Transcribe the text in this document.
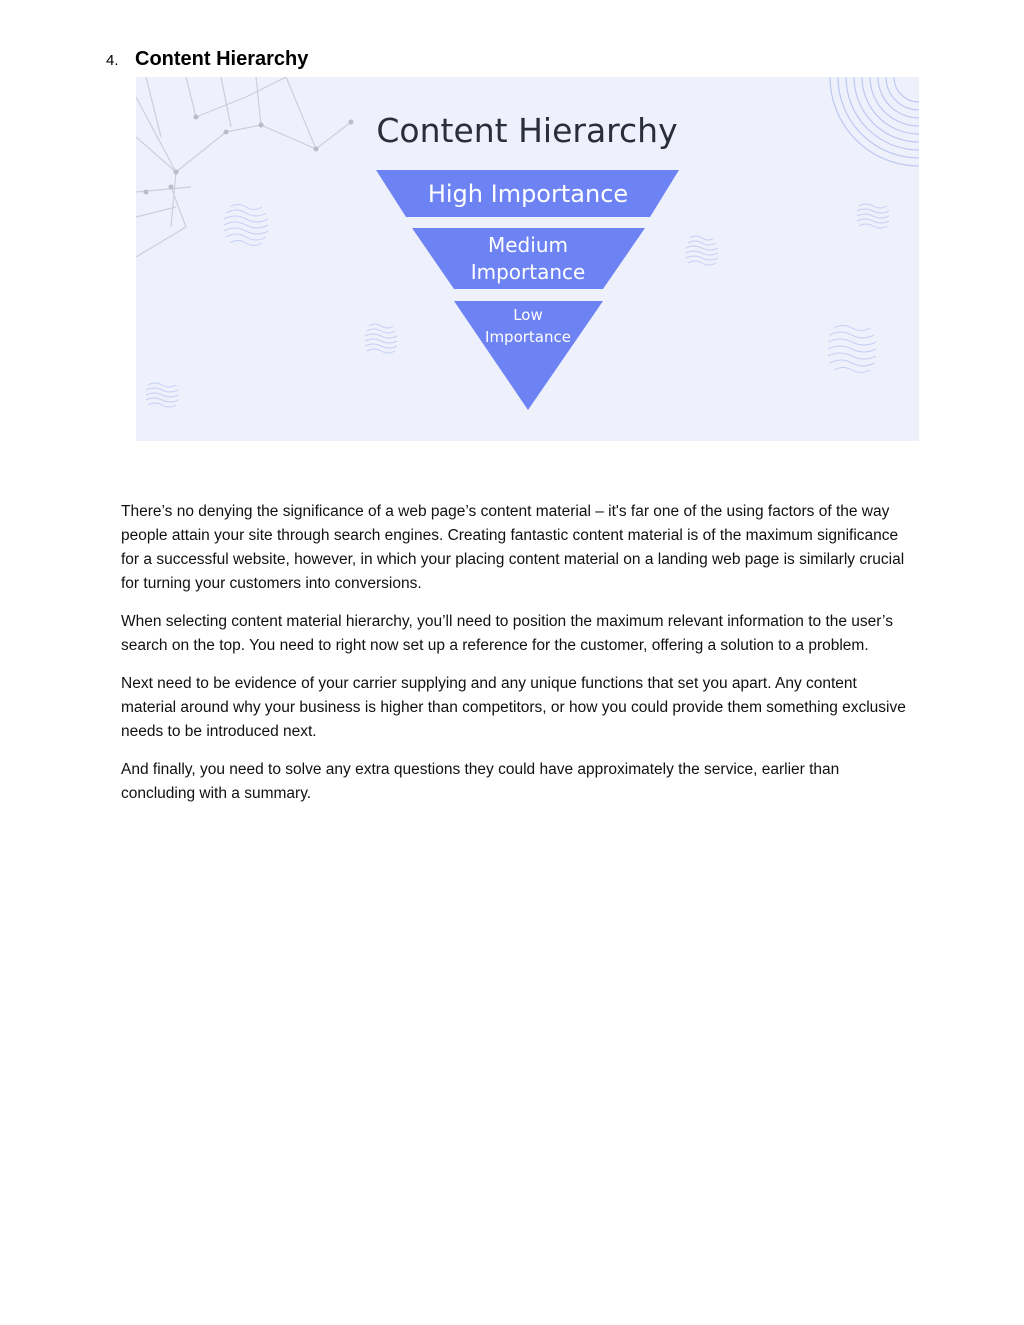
4. Content Hierarchy
Content Hierarchy
High Importance
Medium
Importance
Low
Importance

There’s no denying the significance of a web page’s content material – it's far one of the using factors of the way people attain your site through search engines. Creating fantastic content material is of the maximum significance for a successful website, however, in which your placing content material on a landing web page is similarly crucial for turning your customers into conversions.

When selecting content material hierarchy, you’ll need to position the maximum relevant information to the user’s search on the top. You need to right now set up a reference for the customer, offering a solution to a problem.

Next need to be evidence of your carrier supplying and any unique functions that set you apart. Any content material around why your business is higher than competitors, or how you could provide them something exclusive needs to be introduced next.

And finally, you need to solve any extra questions they could have approximately the service, earlier than concluding with a summary.
